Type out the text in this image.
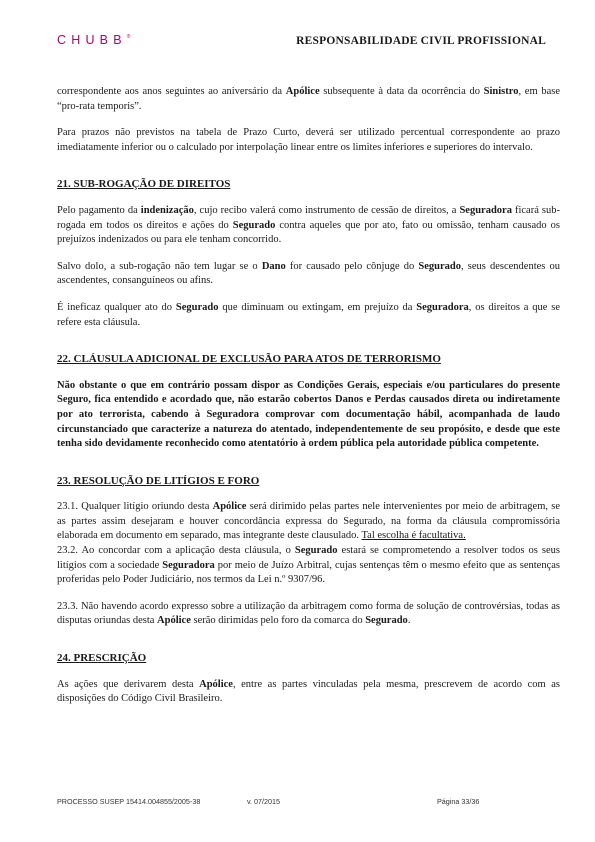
CHUBB®	RESPONSABILIDADE CIVIL PROFISSIONAL

correspondente aos anos seguintes ao aniversário da Apólice subsequente à data da ocorrência do Sinistro, em base “pro-rata temporis”.

Para prazos não previstos na tabela de Prazo Curto, deverá ser utilizado percentual correspondente ao prazo imediatamente inferior ou o calculado por interpolação linear entre os limites inferiores e superiores do intervalo.

21. SUB-ROGAÇÃO DE DIREITOS

Pelo pagamento da indenização, cujo recibo valerá como instrumento de cessão de direitos, a Seguradora ficará sub-rogada em todos os direitos e ações do Segurado contra aqueles que por ato, fato ou omissão, tenham causado os prejuízos indenizados ou para ele tenham concorrido.

Salvo dolo, a sub-rogação não tem lugar se o Dano for causado pelo cônjuge do Segurado, seus descendentes ou ascendentes, consanguíneos ou afins.

É ineficaz qualquer ato do Segurado que diminuam ou extingam, em prejuízo da Seguradora, os direitos a que se refere esta cláusula.

22. CLÁUSULA ADICIONAL DE EXCLUSÃO PARA ATOS DE TERRORISMO

Não obstante o que em contrário possam dispor as Condições Gerais, especiais e/ou particulares do presente Seguro, fica entendido e acordado que, não estarão cobertos Danos e Perdas causados direta ou indiretamente por ato terrorista, cabendo à Seguradora comprovar com documentação hábil, acompanhada de laudo circunstanciado que caracterize a natureza do atentado, independentemente de seu propósito, e desde que este tenha sido devidamente reconhecido como atentatório à ordem pública pela autoridade pública competente.

23. RESOLUÇÃO DE LITÍGIOS E FORO

23.1. Qualquer litígio oriundo desta Apólice será dirimido pelas partes nele intervenientes por meio de arbitragem, se as partes assim desejaram e houver concordância expressa do Segurado, na forma da cláusula compromissória elaborada em documento em separado, mas integrante deste clausulado. Tal escolha é facultativa.

23.2. Ao concordar com a aplicação desta cláusula, o Segurado estará se comprometendo a resolver todos os seus litígios com a sociedade Seguradora por meio de Juízo Arbitral, cujas sentenças têm o mesmo efeito que as sentenças proferidas pelo Poder Judiciário, nos termos da Lei n.º 9307/96.

23.3. Não havendo acordo expresso sobre a utilização da arbitragem como forma de solução de controvérsias, todas as disputas oriundas desta Apólice serão dirimidas pelo foro da comarca do Segurado.

24. PRESCRIÇÃO

As ações que derivarem desta Apólice, entre as partes vinculadas pela mesma, prescrevem de acordo com as disposições do Código Civil Brasileiro.

PROCESSO SUSEP 15414.004855/2005-38	v. 07/2015	Página 33/36
